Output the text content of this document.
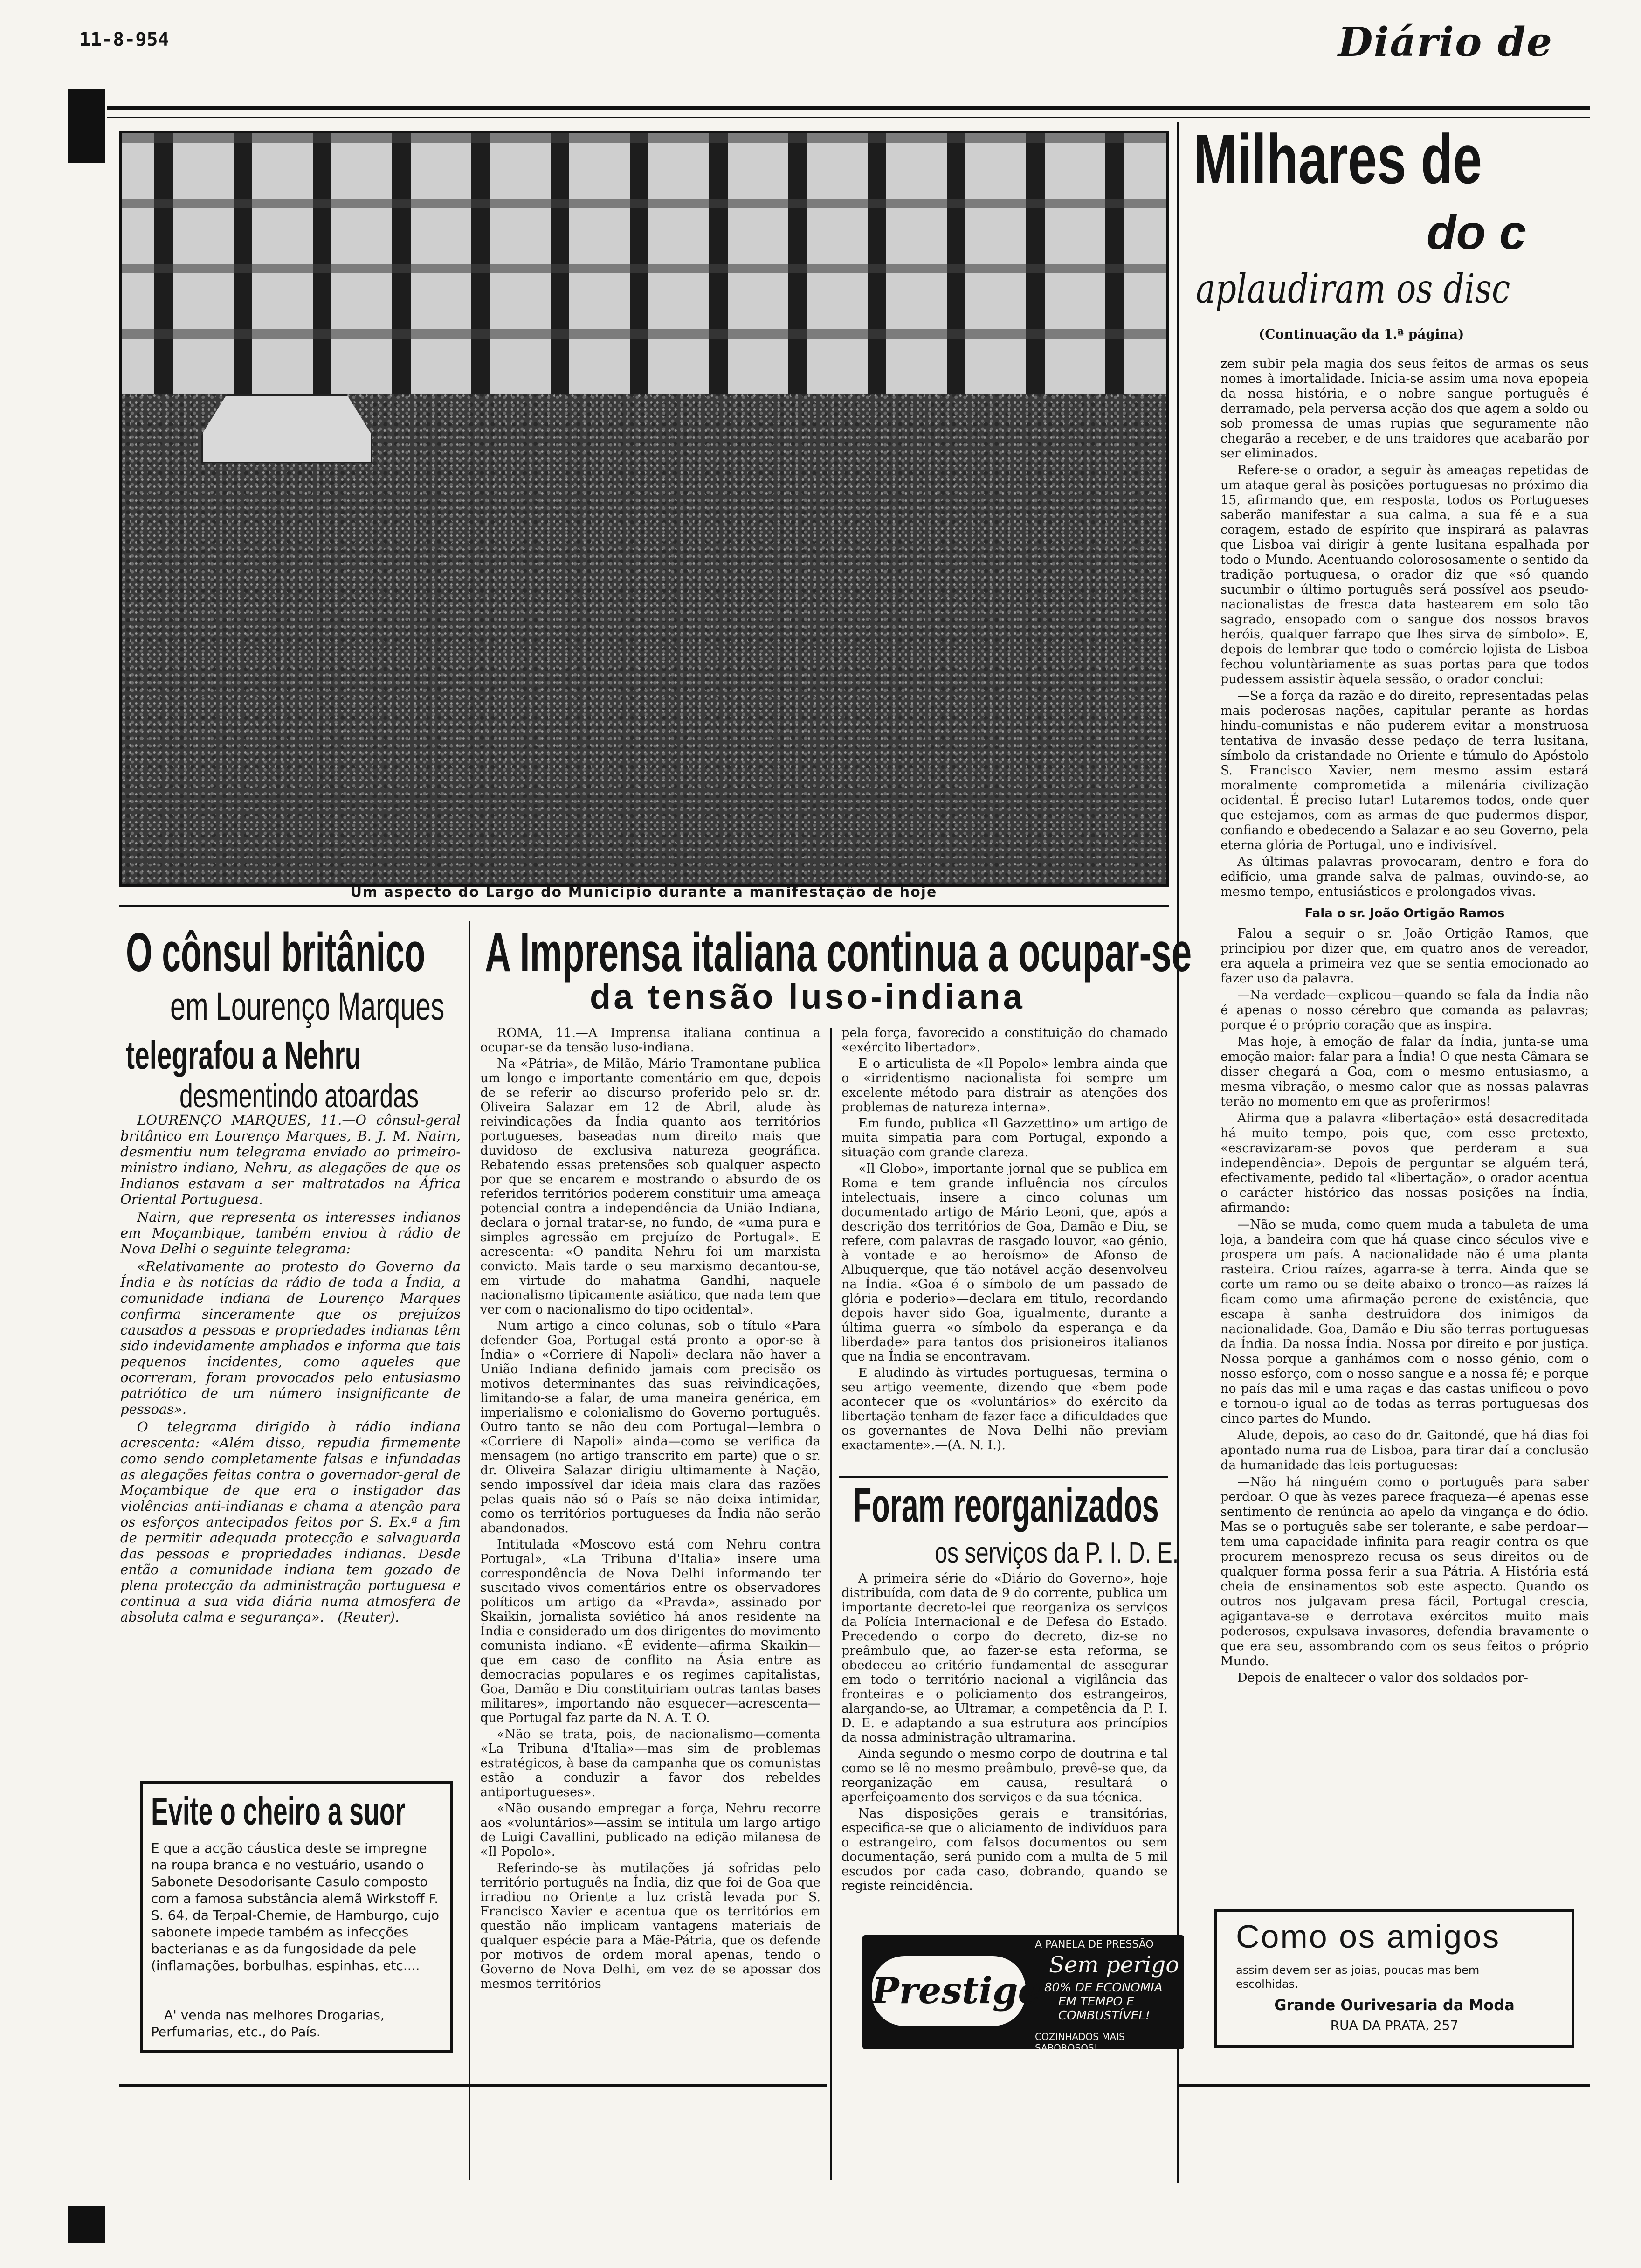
11-8-954	Diário de
Um aspecto do Largo do Município durante a manifestação de hoje
Milhares de
do c
aplaudiram os disc
(Continuação da 1.ª página)

zem subir pela magia dos seus feitos de armas os seus nomes à imortalidade. Inicia-se assim uma nova epopeia da nossa história, e o nobre sangue português é derramado, pela perversa acção dos que agem a soldo ou sob promessa de umas rupias que seguramente não chegarão a receber, e de uns traidores que acabarão por ser eliminados.

Refere-se o orador, a seguir às ameaças repetidas de um ataque geral às posições portuguesas no próximo dia 15, afirmando que, em resposta, todos os Portugueses saberão manifestar a sua calma, a sua fé e a sua coragem, estado de espírito que inspirará as palavras que Lisboa vai dirigir à gente lusitana espalhada por todo o Mundo. Acentuando colorososamente o sentido da tradição portuguesa, o orador diz que «só quando sucumbir o último português será possível aos pseudo-nacionalistas de fresca data hastearem em solo tão sagrado, ensopado com o sangue dos nossos bravos heróis, qualquer farrapo que lhes sirva de símbolo». E, depois de lembrar que todo o comércio lojista de Lisboa fechou voluntàriamente as suas portas para que todos pudessem assistir àquela sessão, o orador conclui:

—Se a força da razão e do direito, representadas pelas mais poderosas nações, capitular perante as hordas hindu-comunistas e não puderem evitar a monstruosa tentativa de invasão desse pedaço de terra lusitana, símbolo da cristandade no Oriente e túmulo do Apóstolo S. Francisco Xavier, nem mesmo assim estará moralmente comprometida a milenária civilização ocidental. É preciso lutar! Lutaremos todos, onde quer que estejamos, com as armas de que pudermos dispor, confiando e obedecendo a Salazar e ao seu Governo, pela eterna glória de Portugal, uno e indivisível.

As últimas palavras provocaram, dentro e fora do edifício, uma grande salva de palmas, ouvindo-se, ao mesmo tempo, entusiásticos e prolongados vivas.

Fala o sr. João Ortigão Ramos

Falou a seguir o sr. João Ortigão Ramos, que principiou por dizer que, em quatro anos de vereador, era aquela a primeira vez que se sentia emocionado ao fazer uso da palavra.

—Na verdade—explicou—quando se fala da Índia não é apenas o nosso cérebro que comanda as palavras; porque é o próprio coração que as inspira.

Mas hoje, à emoção de falar da Índia, junta-se uma emoção maior: falar para a Índia! O que nesta Câmara se disser chegará a Goa, com o mesmo entusiasmo, a mesma vibração, o mesmo calor que as nossas palavras terão no momento em que as proferirmos!

Afirma que a palavra «libertação» está desacreditada há muito tempo, pois que, com esse pretexto, «escravizaram-se povos que perderam a sua independência». Depois de perguntar se alguém terá, efectivamente, pedido tal «libertação», o orador acentua o carácter histórico das nossas posições na Índia, afirmando:

—Não se muda, como quem muda a tabuleta de uma loja, a bandeira com que há quase cinco séculos vive e prospera um país. A nacionalidade não é uma planta rasteira. Criou raízes, agarra-se à terra. Ainda que se corte um ramo ou se deite abaixo o tronco—as raízes lá ficam como uma afirmação perene de existência, que escapa à sanha destruidora dos inimigos da nacionalidade. Goa, Damão e Diu são terras portuguesas da Índia. Da nossa Índia. Nossa por direito e por justiça. Nossa porque a ganhámos com o nosso génio, com o nosso esforço, com o nosso sangue e a nossa fé; e porque no país das mil e uma raças e das castas unificou o povo e tornou-o igual ao de todas as terras portuguesas dos cinco partes do Mundo.

Alude, depois, ao caso do dr. Gaitondé, que há dias foi apontado numa rua de Lisboa, para tirar daí a conclusão da humanidade das leis portuguesas:

—Não há ninguém como o português para saber perdoar. O que às vezes parece fraqueza—é apenas esse sentimento de renúncia ao apelo da vingança e do ódio. Mas se o português sabe ser tolerante, e sabe perdoar—tem uma capacidade infinita para reagir contra os que procurem menosprezo recusa os seus direitos ou de qualquer forma possa ferir a sua Pátria. A História está cheia de ensinamentos sob este aspecto. Quando os outros nos julgavam presa fácil, Portugal crescia, agigantava-se e derrotava exércitos muito mais poderosos, expulsava invasores, defendia bravamente o que era seu, assombrando com os seus feitos o próprio Mundo.

Depois de enaltecer o valor dos soldados por-

O cônsul britânico
em Lourenço Marques
telegrafou a Nehru
desmentindo atoardas

LOURENÇO MARQUES, 11.—O cônsul-geral britânico em Lourenço Marques, B. J. M. Nairn, desmentiu num telegrama enviado ao primeiro-ministro indiano, Nehru, as alegações de que os Indianos estavam a ser maltratados na África Oriental Portuguesa.

Nairn, que representa os interesses indianos em Moçambique, também enviou à rádio de Nova Delhi o seguinte telegrama:

«Relativamente ao protesto do Governo da Índia e às notícias da rádio de toda a Índia, a comunidade indiana de Lourenço Marques confirma sinceramente que os prejuízos causados a pessoas e propriedades indianas têm sido indevidamente ampliados e informa que tais pequenos incidentes, como aqueles que ocorreram, foram provocados pelo entusiasmo patriótico de um número insignificante de pessoas».

O telegrama dirigido à rádio indiana acrescenta: «Além disso, repudia firmemente como sendo completamente falsas e infundadas as alegações feitas contra o governador-geral de Moçambique de que era o instigador das violências anti-indianas e chama a atenção para os esforços antecipados feitos por S. Ex.ª a fim de permitir adequada protecção e salvaguarda das pessoas e propriedades indianas. Desde então a comunidade indiana tem gozado de plena protecção da administração portuguesa e continua a sua vida diária numa atmosfera de absoluta calma e segurança».—(Reuter).

Evite o cheiro a suor
E que a acção cáustica deste se impregne na roupa branca e no vestuário, usando o Sabonete Desodorisante Casulo composto com a famosa substância alemã Wirkstoff F. S. 64, da Terpal-Chemie, de Hamburgo, cujo sabonete impede também as infecções bacterianas e as da fungosidade da pele (inflamações, borbulhas, espinhas, etc....
A' venda nas melhores Drogarias, Perfumarias, etc., do País.
A Imprensa italiana continua a ocupar-se
da tensão luso-indiana

ROMA, 11.—A Imprensa italiana continua a ocupar-se da tensão luso-indiana.

Na «Pátria», de Milão, Mário Tramontane publica um longo e importante comentário em que, depois de se referir ao discurso proferido pelo sr. dr. Oliveira Salazar em 12 de Abril, alude às reivindicações da Índia quanto aos territórios portugueses, baseadas num direito mais que duvidoso de exclusiva natureza geográfica. Rebatendo essas pretensões sob qualquer aspecto por que se encarem e mostrando o absurdo de os referidos territórios poderem constituir uma ameaça potencial contra a independência da União Indiana, declara o jornal tratar-se, no fundo, de «uma pura e simples agressão em prejuízo de Portugal». E acrescenta: «O pandita Nehru foi um marxista convicto. Mais tarde o seu marxismo decantou-se, em virtude do mahatma Gandhi, naquele nacionalismo tipicamente asiático, que nada tem que ver com o nacionalismo do tipo ocidental».

Num artigo a cinco colunas, sob o título «Para defender Goa, Portugal está pronto a opor-se à Índia» o «Corriere di Napoli» declara não haver a União Indiana definido jamais com precisão os motivos determinantes das suas reivindicações, limitando-se a falar, de uma maneira genérica, em imperialismo e colonialismo do Governo português. Outro tanto se não deu com Portugal—lembra o «Corriere di Napoli» ainda—como se verifica da mensagem (no artigo transcrito em parte) que o sr. dr. Oliveira Salazar dirigiu ultimamente à Nação, sendo impossível dar ideia mais clara das razões pelas quais não só o País se não deixa intimidar, como os territórios portugueses da Índia não serão abandonados.

Intitulada «Moscovo está com Nehru contra Portugal», «La Tribuna d'Italia» insere uma correspondência de Nova Delhi informando ter suscitado vivos comentários entre os observadores políticos um artigo da «Pravda», assinado por Skaikin, jornalista soviético há anos residente na Índia e considerado um dos dirigentes do movimento comunista indiano. «É evidente—afirma Skaikin—que em caso de conflito na Ásia entre as democracias populares e os regimes capitalistas, Goa, Damão e Diu constituiriam outras tantas bases militares», importando não esquecer—acrescenta—que Portugal faz parte da N. A. T. O.

«Não se trata, pois, de nacionalismo—comenta «La Tribuna d'Italia»—mas sim de problemas estratégicos, à base da campanha que os comunistas estão a conduzir a favor dos rebeldes antiportugueses».

«Não ousando empregar a força, Nehru recorre aos «voluntários»—assim se intitula um largo artigo de Luigi Cavallini, publicado na edição milanesa de «Il Popolo».

Referindo-se às mutilações já sofridas pelo território português na Índia, diz que foi de Goa que irradiou no Oriente a luz cristã levada por S. Francisco Xavier e acentua que os territórios em questão não implicam vantagens materiais de qualquer espécie para a Mãe-Pátria, que os defende por motivos de ordem moral apenas, tendo o Governo de Nova Delhi, em vez de se apossar dos mesmos territórios

pela força, favorecido a constituição do chamado «exército libertador».

E o articulista de «Il Popolo» lembra ainda que o «irridentismo nacionalista foi sempre um excelente método para distrair as atenções dos problemas de natureza interna».

Em fundo, publica «Il Gazzettino» um artigo de muita simpatia para com Portugal, expondo a situação com grande clareza.

«Il Globo», importante jornal que se publica em Roma e tem grande influência nos círculos intelectuais, insere a cinco colunas um documentado artigo de Mário Leoni, que, após a descrição dos territórios de Goa, Damão e Diu, se refere, com palavras de rasgado louvor, «ao génio, à vontade e ao heroísmo» de Afonso de Albuquerque, que tão notável acção desenvolveu na Índia. «Goa é o símbolo de um passado de glória e poderio»—declara em titulo, recordando depois haver sido Goa, igualmente, durante a última guerra «o símbolo da esperança e da liberdade» para tantos dos prisioneiros italianos que na Índia se encontravam.

E aludindo às virtudes portuguesas, termina o seu artigo veemente, dizendo que «bem pode acontecer que os «voluntários» do exército da libertação tenham de fazer face a dificuldades que os governantes de Nova Delhi não previam exactamente».—(A. N. I.).

Foram reorganizados
os serviços da P. I. D. E.

A primeira série do «Diário do Governo», hoje distribuída, com data de 9 do corrente, publica um importante decreto-lei que reorganiza os serviços da Polícia Internacional e de Defesa do Estado. Precedendo o corpo do decreto, diz-se no preâmbulo que, ao fazer-se esta reforma, se obedeceu ao critério fundamental de assegurar em todo o território nacional a vigilância das fronteiras e o policiamento dos estrangeiros, alargando-se, ao Ultramar, a competência da P. I. D. E. e adaptando a sua estrutura aos princípios da nossa administração ultramarina.

Ainda segundo o mesmo corpo de doutrina e tal como se lê no mesmo preâmbulo, prevê-se que, da reorganização em causa, resultará o aperfeiçoamento dos serviços e da sua técnica.

Nas disposições gerais e transitórias, especifica-se que o aliciamento de indivíduos para o estrangeiro, com falsos documentos ou sem documentação, será punido com a multa de 5 mil escudos por cada caso, dobrando, quando se registe reincidência.

Prestige
A PANELA DE PRESSÃO
Sem perigo
80% DE ECONOMIA
EM TEMPO E
COMBUSTÍVEL!
COZINHADOS MAIS SABOROSOS!
Como os amigos
assim devem ser as joias, poucas mas bem
escolhidas.
Grande Ourivesaria da Moda
RUA DA PRATA, 257
